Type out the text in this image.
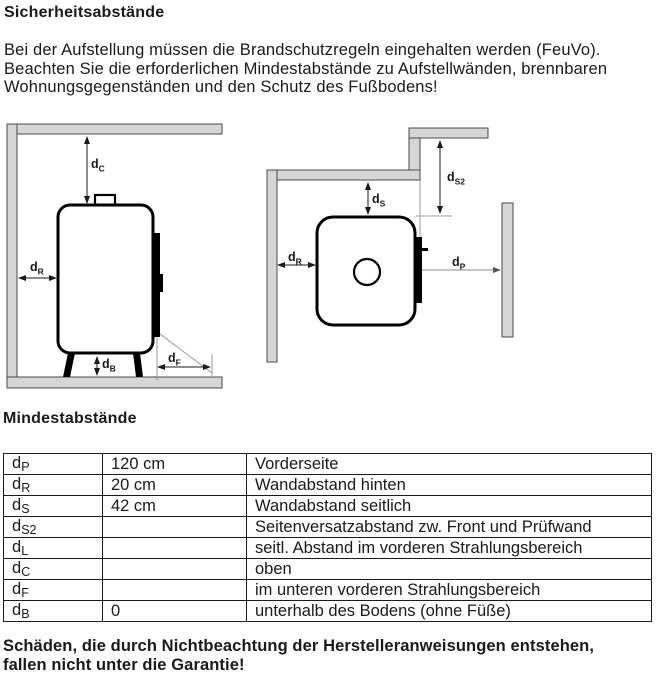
Sicherheitsabstände

Bei der Aufstellung müssen die Brandschutzregeln eingehalten werden (FeuVo).
Beachten Sie die erforderlichen Mindestabstände zu Aufstellwänden, brennbaren
Wohnungsgegenständen und den Schutz des Fußbodens!

$d_C$
$d_R$
$d_B$
$d_F$
$d_{S2}$
$d_S$
$d_R$	$d_P$
Mindestabstände
$d_P$	120 cm	Vorderseite
$d_R$	20 cm	Wandabstand hinten
$d_S$	42 cm	Wandabstand seitlich
$d_{S2}$		Seitenversatzabstand zw. Front und Prüfwand
$d_L$		seitl. Abstand im vorderen Strahlungsbereich
$d_C$		oben
$d_F$		im unteren vorderen Strahlungsbereich
$d_B$	0	unterhalb des Bodens (ohne Füße)

Schäden, die durch Nichtbeachtung der Herstelleranweisungen entstehen,
fallen nicht unter die Garantie!
